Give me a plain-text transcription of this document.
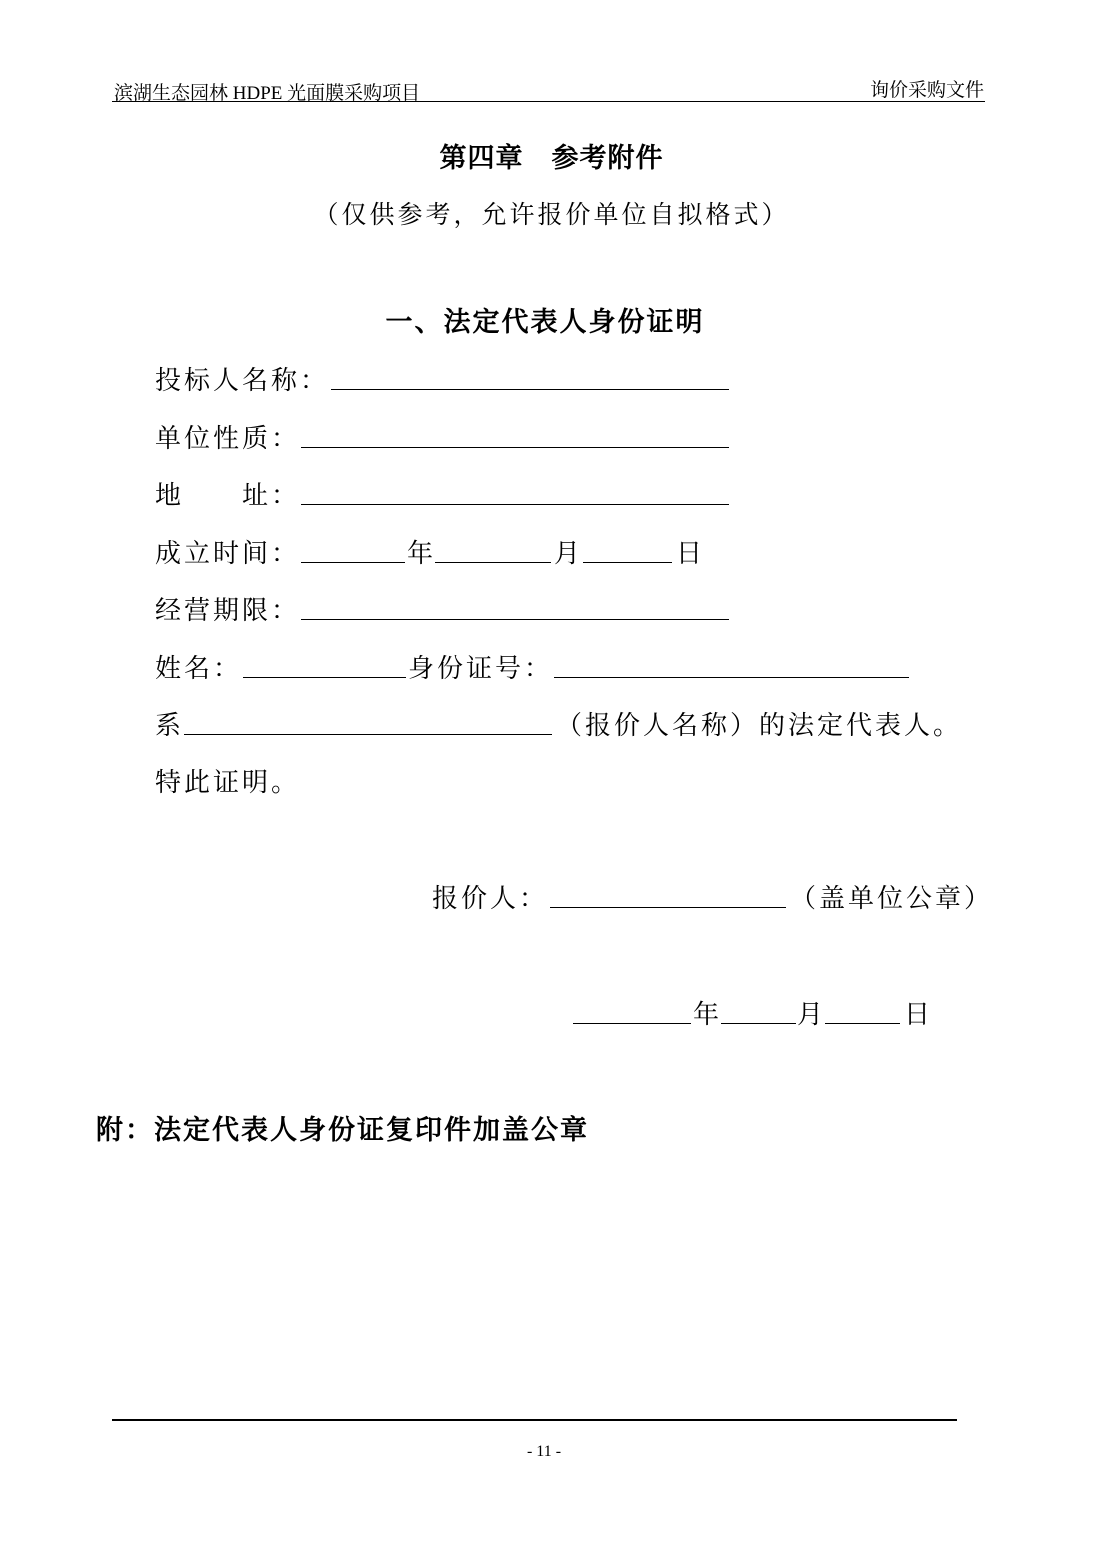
滨湖生态园林 HDPE 光面膜采购项目	询价采购文件
第四章　参考附件
（仅供参考，允许报价单位自拟格式）
一、法定代表人身份证明
投标人名称：
单位性质：
地　　址：
成立时间：	年	月	日
经营期限：
姓名：	身份证号：
系	（报价人名称）的法定代表人。
特此证明。
报价人：	（盖单位公章）
年	月	日
附：法定代表人身份证复印件加盖公章
- 11 -
